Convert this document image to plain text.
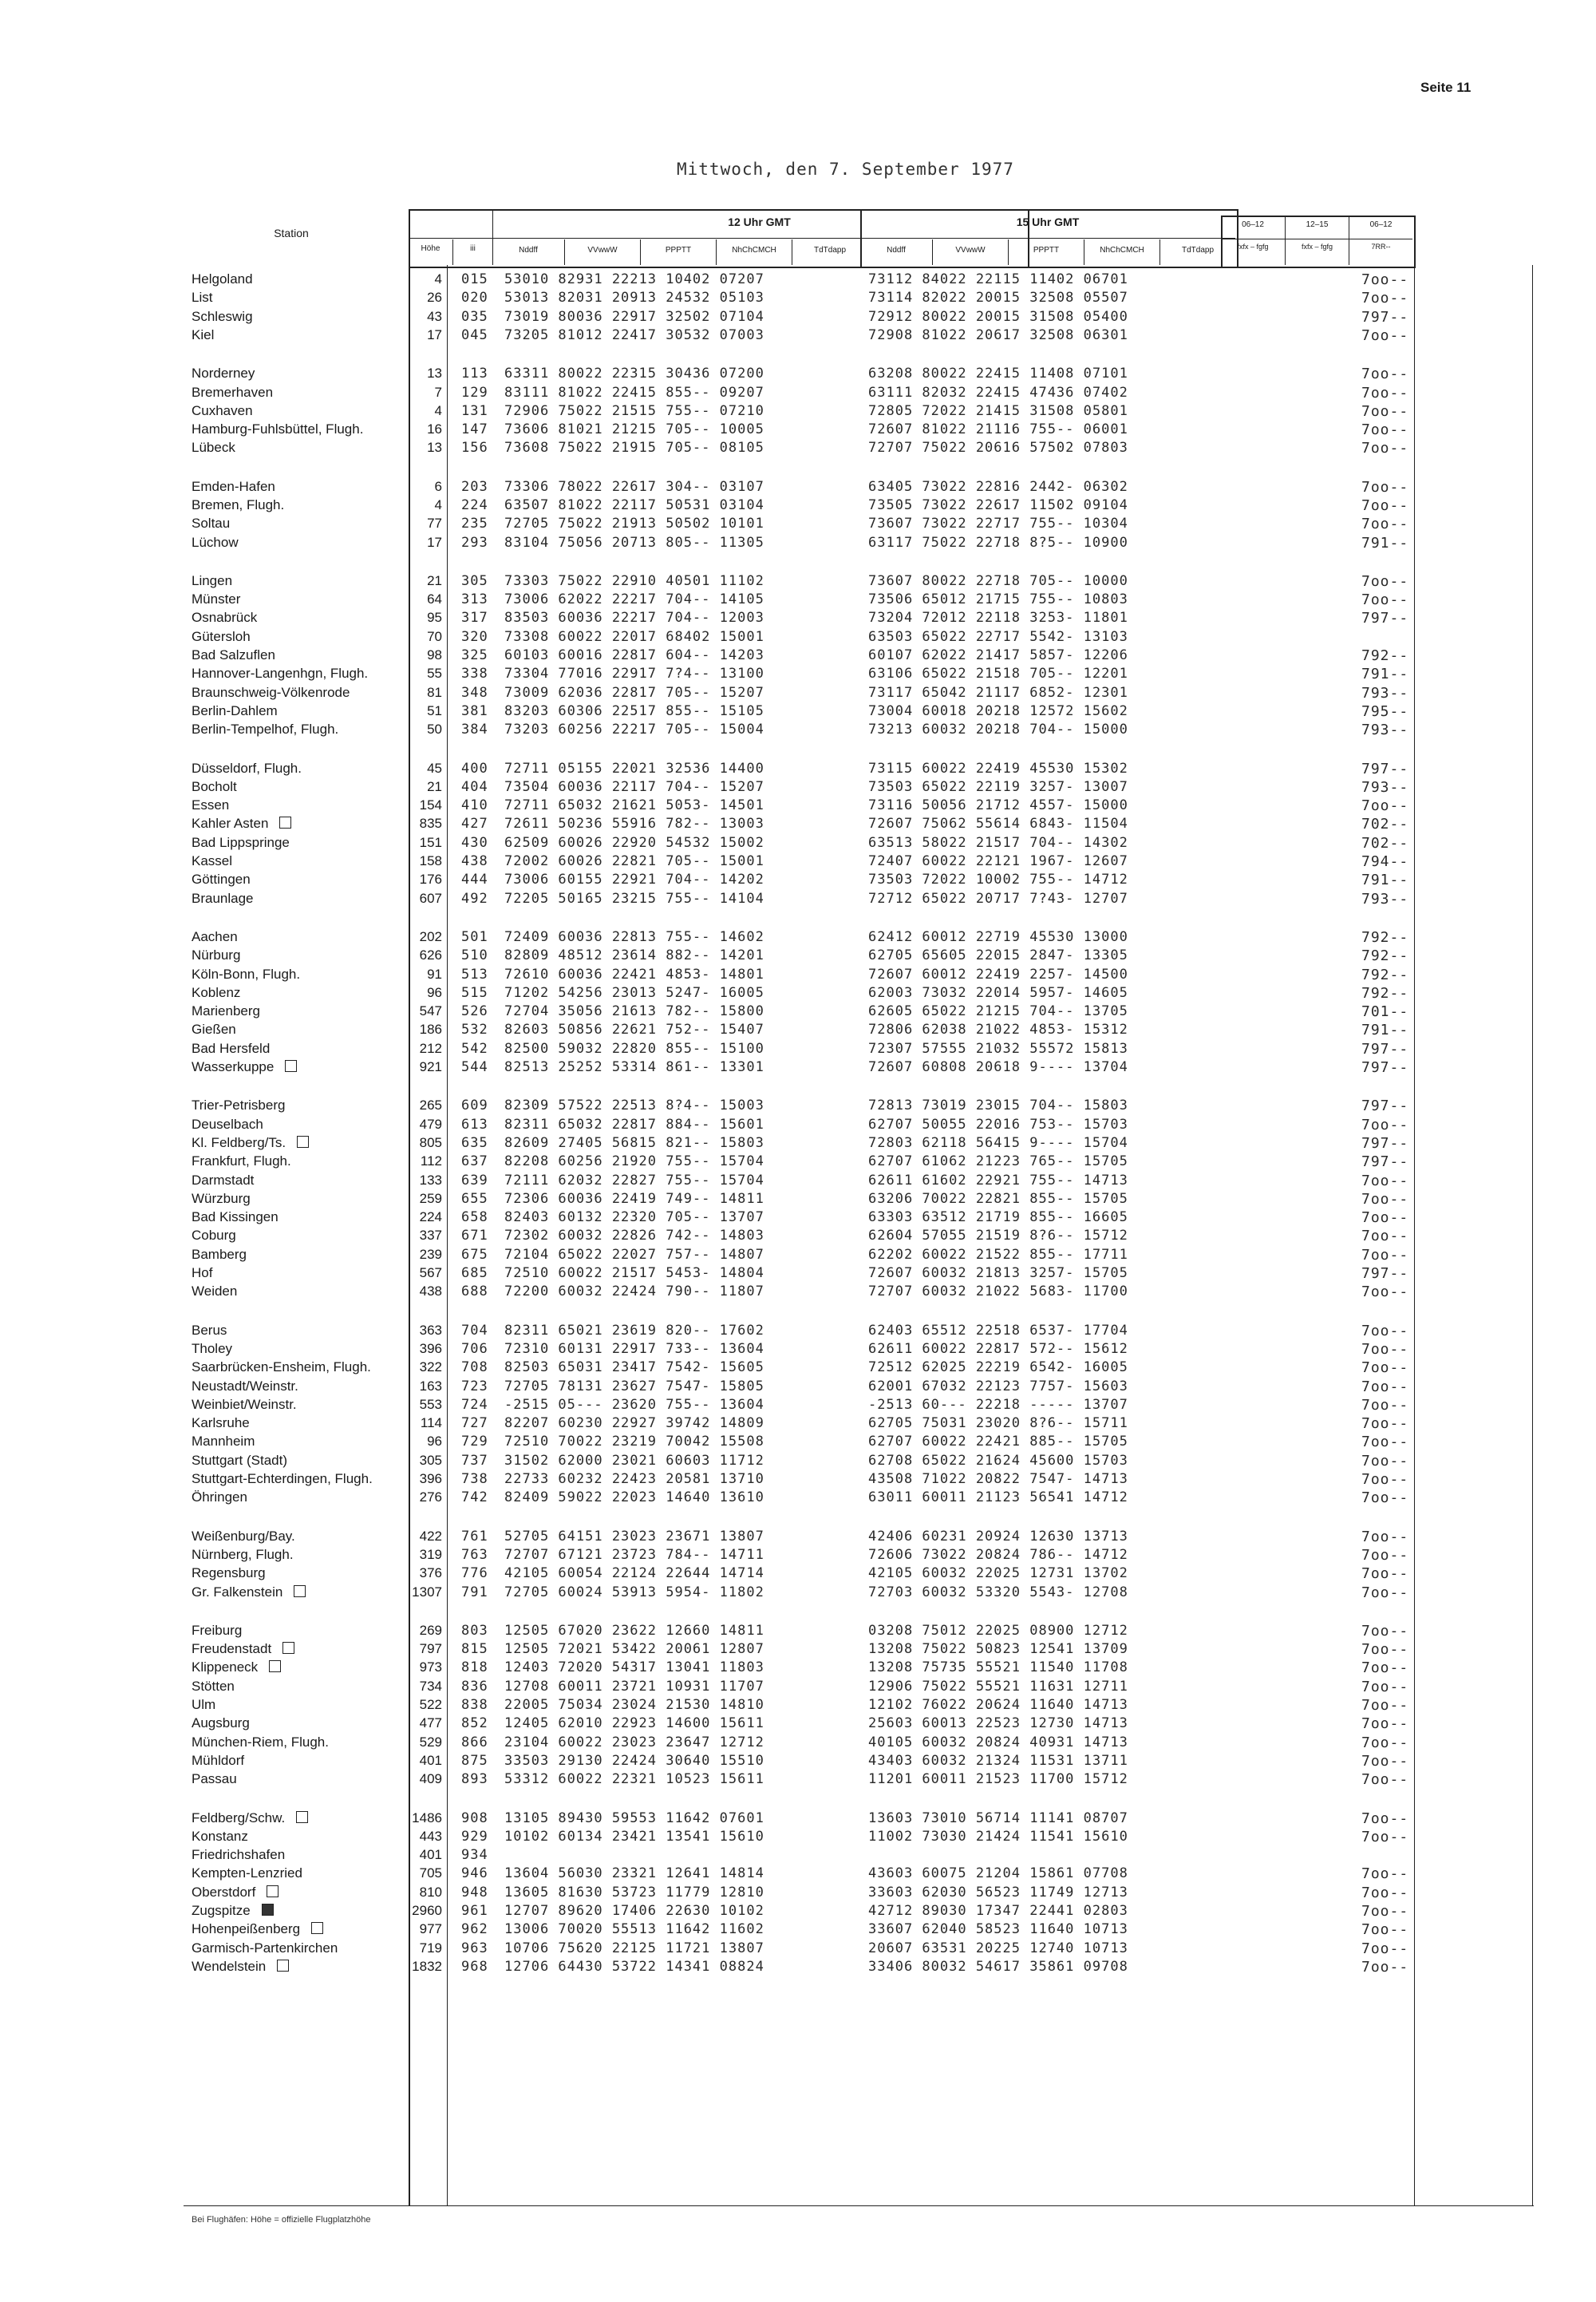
Seite 11
Mittwoch, den 7. September 1977
Station
Höhe	iii
12 Uhr GMT
Nddff	VVwwW	PPPTT	NhChCMCH	TdTdapp
15 Uhr GMT
Nddff	VVwwW	PPPTT	NhChCMCH	TdTdapp
06–12
fxfx – fgfg
12–15
fxfx – fgfg
06–12
7RR--
Helgoland	4 015 53010 82931 22213 10402 07207	73112 84022 22115 11402 06701	7oo--
List	26 020 53013 82031 20913 24532 05103	73114 82022 20015 32508 05507	7oo--
Schleswig	43 035 73019 80036 22917 32502 07104	72912 80022 20015 31508 05400	797--
Kiel	17 045 73205 81012 22417 30532 07003	72908 81022 20617 32508 06301	7oo--
Norderney	13 113 63311 80022 22315 30436 07200	63208 80022 22415 11408 07101	7oo--
Bremerhaven	7 129 83111 81022 22415 855-- 09207	63111 82032 22415 47436 07402	7oo--
Cuxhaven	4 131 72906 75022 21515 755-- 07210	72805 72022 21415 31508 05801	7oo--
Hamburg-Fuhlsbüttel, Flugh.	16 147 73606 81021 21215 705-- 10005	72607 81022 21116 755-- 06001	7oo--
Lübeck	13 156 73608 75022 21915 705-- 08105	72707 75022 20616 57502 07803	7oo--
Emden-Hafen	6 203 73306 78022 22617 304-- 03107	63405 73022 22816 2442- 06302	7oo--
Bremen, Flugh.	4 224 63507 81022 22117 50531 03104	73505 73022 22617 11502 09104	7oo--
Soltau	77 235 72705 75022 21913 50502 10101	73607 73022 22717 755-- 10304	7oo--
Lüchow	17 293 83104 75056 20713 805-- 11305	63117 75022 22718 8?5-- 10900	791--
Lingen	21 305 73303 75022 22910 40501 11102	73607 80022 22718 705-- 10000	7oo--
Münster	64 313 73006 62022 22217 704-- 14105	73506 65012 21715 755-- 10803	7oo--
Osnabrück	95 317 83503 60036 22217 704-- 12003	73204 72012 22118 3253- 11801	797--
Gütersloh	70 320 73308 60022 22017 68402 15001	63503 65022 22717 5542- 13103
Bad Salzuflen	98 325 60103 60016 22817 604-- 14203	60107 62022 21417 5857- 12206	792--
Hannover-Langenhgn, Flugh.	55 338 73304 77016 22917 7?4-- 13100	63106 65022 21518 705-- 12201	791--
Braunschweig-Völkenrode	81 348 73009 62036 22817 705-- 15207	73117 65042 21117 6852- 12301	793--
Berlin-Dahlem	51 381 83203 60306 22517 855-- 15105	73004 60018 20218 12572 15602	795--
Berlin-Tempelhof, Flugh.	50 384 73203 60256 22217 705-- 15004	73213 60032 20218 704-- 15000	793--
Düsseldorf, Flugh.	45 400 72711 05155 22021 32536 14400	73115 60022 22419 45530 15302	797--
Bocholt	21 404 73504 60036 22117 704-- 15207	73503 65022 22119 3257- 13007	793--
Essen	154 410 72711 65032 21621 5053- 14501	73116 50056 21712 4557- 15000	7oo--
Kahler Asten	835 427 72611 50236 55916 782-- 13003	72607 75062 55614 6843- 11504	702--
Bad Lippspringe	151 430 62509 60026 22920 54532 15002	63513 58022 21517 704-- 14302	702--
Kassel	158 438 72002 60026 22821 705-- 15001	72407 60022 22121 1967- 12607	794--
Göttingen	176 444 73006 60155 22921 704-- 14202	73503 72022 10002 755-- 14712	791--
Braunlage	607 492 72205 50165 23215 755-- 14104	72712 65022 20717 7?43- 12707	793--
Aachen	202 501 72409 60036 22813 755-- 14602	62412 60012 22719 45530 13000	792--
Nürburg	626 510 82809 48512 23614 882-- 14201	62705 65605 22015 2847- 13305	792--
Köln-Bonn, Flugh.	91 513 72610 60036 22421 4853- 14801	72607 60012 22419 2257- 14500	792--
Koblenz	96 515 71202 54256 23013 5247- 16005	62003 73032 22014 5957- 14605	792--
Marienberg	547 526 72704 35056 21613 782-- 15800	62605 65022 21215 704-- 13705	701--
Gießen	186 532 82603 50856 22621 752-- 15407	72806 62038 21022 4853- 15312	791--
Bad Hersfeld	212 542 82500 59032 22820 855-- 15100	72307 57555 21032 55572 15813	797--
Wasserkuppe	921 544 82513 25252 53314 861-- 13301	72607 60808 20618 9---- 13704	797--
Trier-Petrisberg	265 609 82309 57522 22513 8?4-- 15003	72813 73019 23015 704-- 15803	797--
Deuselbach	479 613 82311 65032 22817 884-- 15601	62707 50055 22016 753-- 15703	7oo--
Kl. Feldberg/Ts.	805 635 82609 27405 56815 821-- 15803	72803 62118 56415 9---- 15704	797--
Frankfurt, Flugh.	112 637 82208 60256 21920 755-- 15704	62707 61062 21223 765-- 15705	797--
Darmstadt	133 639 72111 62032 22827 755-- 15704	62611 61602 22921 755-- 14713	7oo--
Würzburg	259 655 72306 60036 22419 749-- 14811	63206 70022 22821 855-- 15705	7oo--
Bad Kissingen	224 658 82403 60132 22320 705-- 13707	63303 63512 21719 855-- 16605	7oo--
Coburg	337 671 72302 60032 22826 742-- 14803	62604 57055 21519 8?6-- 15712	7oo--
Bamberg	239 675 72104 65022 22027 757-- 14807	62202 60022 21522 855-- 17711	7oo--
Hof	567 685 72510 60022 21517 5453- 14804	72607 60032 21813 3257- 15705	797--
Weiden	438 688 72200 60032 22424 790-- 11807	72707 60032 21022 5683- 11700	7oo--
Berus	363 704 82311 65021 23619 820-- 17602	62403 65512 22518 6537- 17704	7oo--
Tholey	396 706 72310 60131 22917 733-- 13604	62611 60022 22817 572-- 15612	7oo--
Saarbrücken-Ensheim, Flugh.	322 708 82503 65031 23417 7542- 15605	72512 62025 22219 6542- 16005	7oo--
Neustadt/Weinstr.	163 723 72705 78131 23627 7547- 15805	62001 67032 22123 7757- 15603	7oo--
Weinbiet/Weinstr.	553 724 -2515 05--- 23620 755-- 13604	-2513 60--- 22218 ----- 13707	7oo--
Karlsruhe	114 727 82207 60230 22927 39742 14809	62705 75031 23020 8?6-- 15711	7oo--
Mannheim	96 729 72510 70022 23219 70042 15508	62707 60022 22421 885-- 15705	7oo--
Stuttgart (Stadt)	305 737 31502 62000 23021 60603 11712	62708 65022 21624 45600 15703	7oo--
Stuttgart-Echterdingen, Flugh.	396 738 22733 60232 22423 20581 13710	43508 71022 20822 7547- 14713	7oo--
Öhringen	276 742 82409 59022 22023 14640 13610	63011 60011 21123 56541 14712	7oo--
Weißenburg/Bay.	422 761 52705 64151 23023 23671 13807	42406 60231 20924 12630 13713	7oo--
Nürnberg, Flugh.	319 763 72707 67121 23723 784-- 14711	72606 73022 20824 786-- 14712	7oo--
Regensburg	376 776 42105 60054 22124 22644 14714	42105 60032 22025 12731 13702	7oo--
Gr. Falkenstein	1307 791 72705 60024 53913 5954- 11802	72703 60032 53320 5543- 12708	7oo--
Freiburg	269 803 12505 67020 23622 12660 14811	03208 75012 22025 08900 12712	7oo--
Freudenstadt	797 815 12505 72021 53422 20061 12807	13208 75022 50823 12541 13709	7oo--
Klippeneck	973 818 12403 72020 54317 13041 11803	13208 75735 55521 11540 11708	7oo--
Stötten	734 836 12708 60011 23721 10931 11707	12906 75022 55521 11631 12711	7oo--
Ulm	522 838 22005 75034 23024 21530 14810	12102 76022 20624 11640 14713	7oo--
Augsburg	477 852 12405 62010 22923 14600 15611	25603 60013 22523 12730 14713	7oo--
München-Riem, Flugh.	529 866 23104 60022 23023 23647 12712	40105 60032 20824 40931 14713	7oo--
Mühldorf	401 875 33503 29130 22424 30640 15510	43403 60032 21324 11531 13711	7oo--
Passau	409 893 53312 60022 22321 10523 15611	11201 60011 21523 11700 15712	7oo--
Feldberg/Schw.	1486 908 13105 89430 59553 11642 07601	13603 73010 56714 11141 08707	7oo--
Konstanz	443 929 10102 60134 23421 13541 15610	11002 73030 21424 11541 15610	7oo--
Friedrichshafen	401 934
Kempten-Lenzried	705 946 13604 56030 23321 12641 14814	43603 60075 21204 15861 07708	7oo--
Oberstdorf	810 948 13605 81630 53723 11779 12810	33603 62030 56523 11749 12713	7oo--
Zugspitze	2960 961 12707 89620 17406 22630 10102	42712 89030 17347 22441 02803	7oo--
Hohenpeißenberg	977 962 13006 70020 55513 11642 11602	33607 62040 58523 11640 10713	7oo--
Garmisch-Partenkirchen	719 963 10706 75620 22125 11721 13807	20607 63531 20225 12740 10713	7oo--
Wendelstein	1832 968 12706 64430 53722 14341 08824	33406 80032 54617 35861 09708	7oo--
Bei Flughäfen: Höhe = offizielle Flugplatzhöhe
